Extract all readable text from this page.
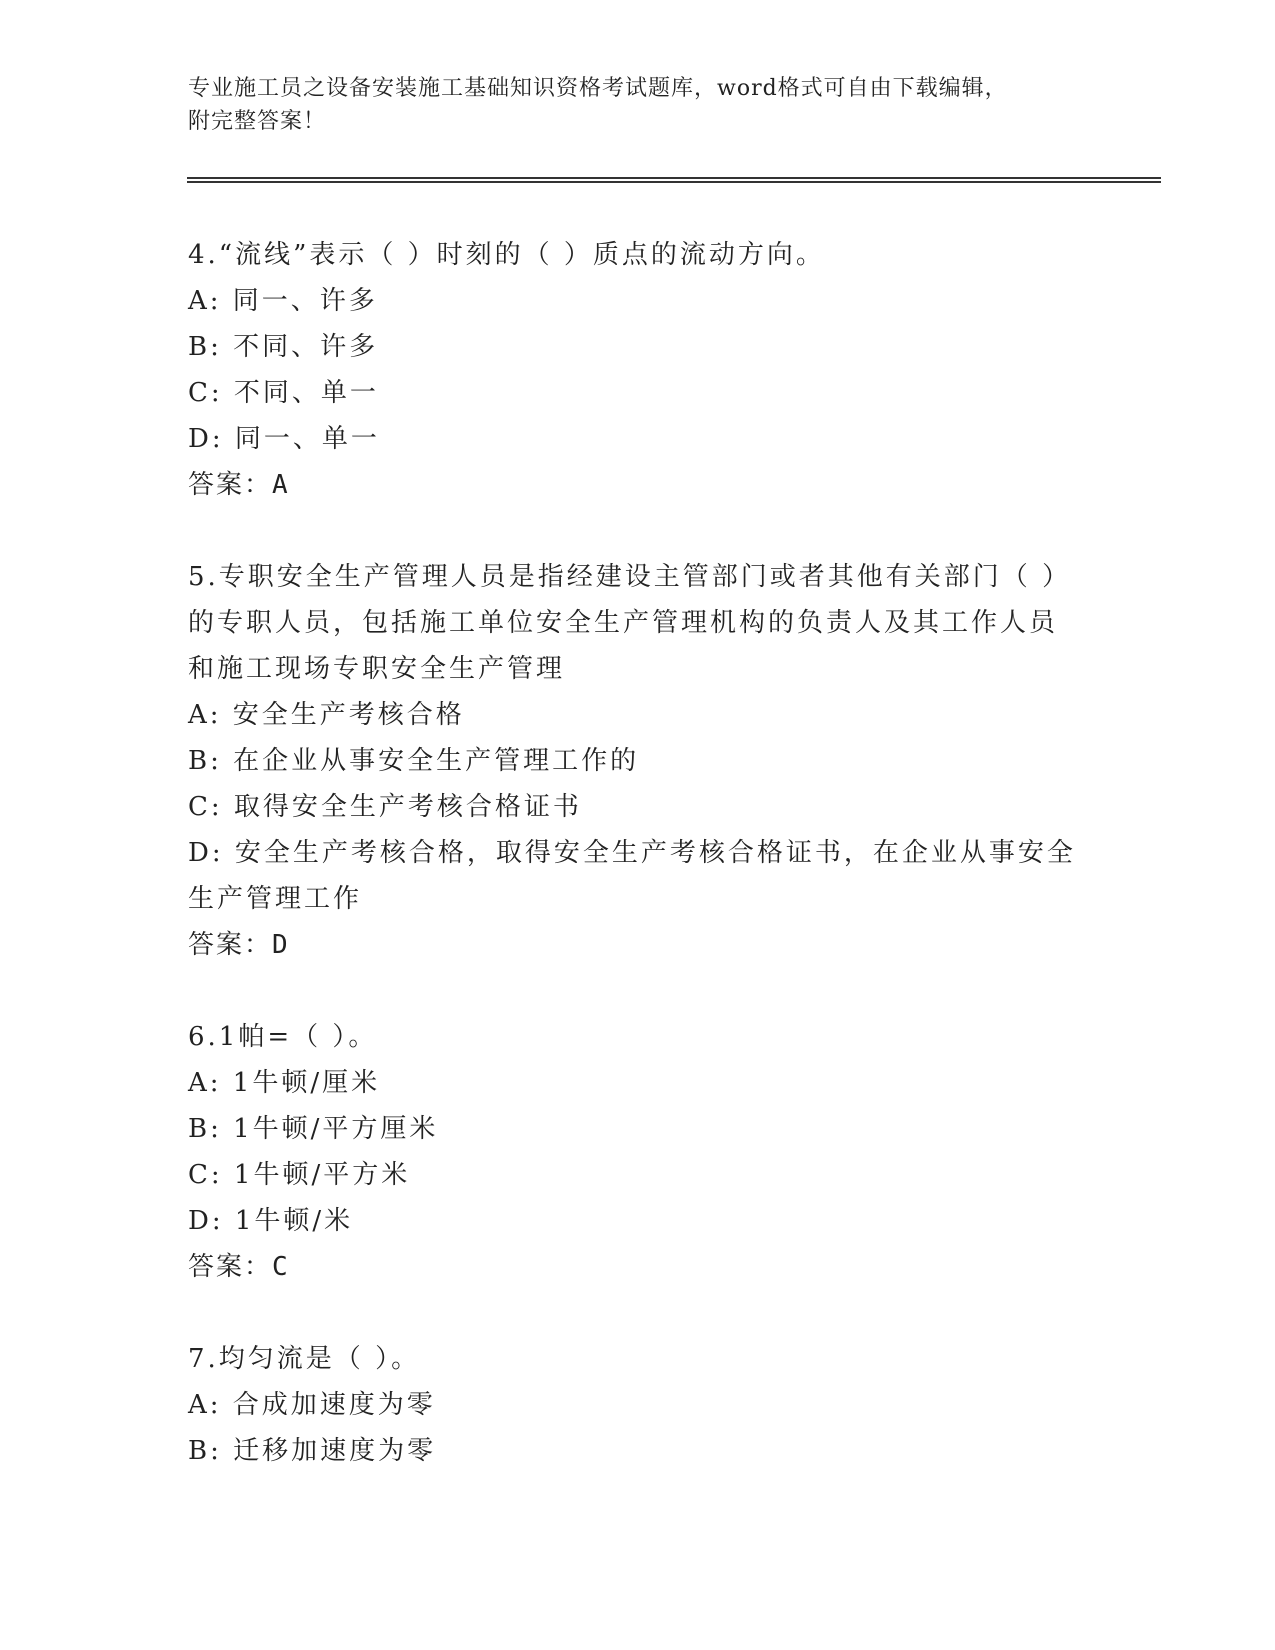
专业施工员之设备安装施工基础知识资格考试题库，word格式可自由下载编辑，
附完整答案！
4.“流线”表示（ ）时刻的（ ）质点的流动方向。
A: 同一、许多
B: 不同、许多
C: 不同、单一
D: 同一、单一
答案：A
5.专职安全生产管理人员是指经建设主管部门或者其他有关部门（ ）
的专职人员，包括施工单位安全生产管理机构的负责人及其工作人员
和施工现场专职安全生产管理
A: 安全生产考核合格
B: 在企业从事安全生产管理工作的
C: 取得安全生产考核合格证书
D: 安全生产考核合格，取得安全生产考核合格证书，在企业从事安全
生产管理工作
答案：D
6.1帕=（ ）。
A: 1牛顿/厘米
B: 1牛顿/平方厘米
C: 1牛顿/平方米
D: 1牛顿/米
答案：C
7.均匀流是（ ）。
A: 合成加速度为零
B: 迁移加速度为零
